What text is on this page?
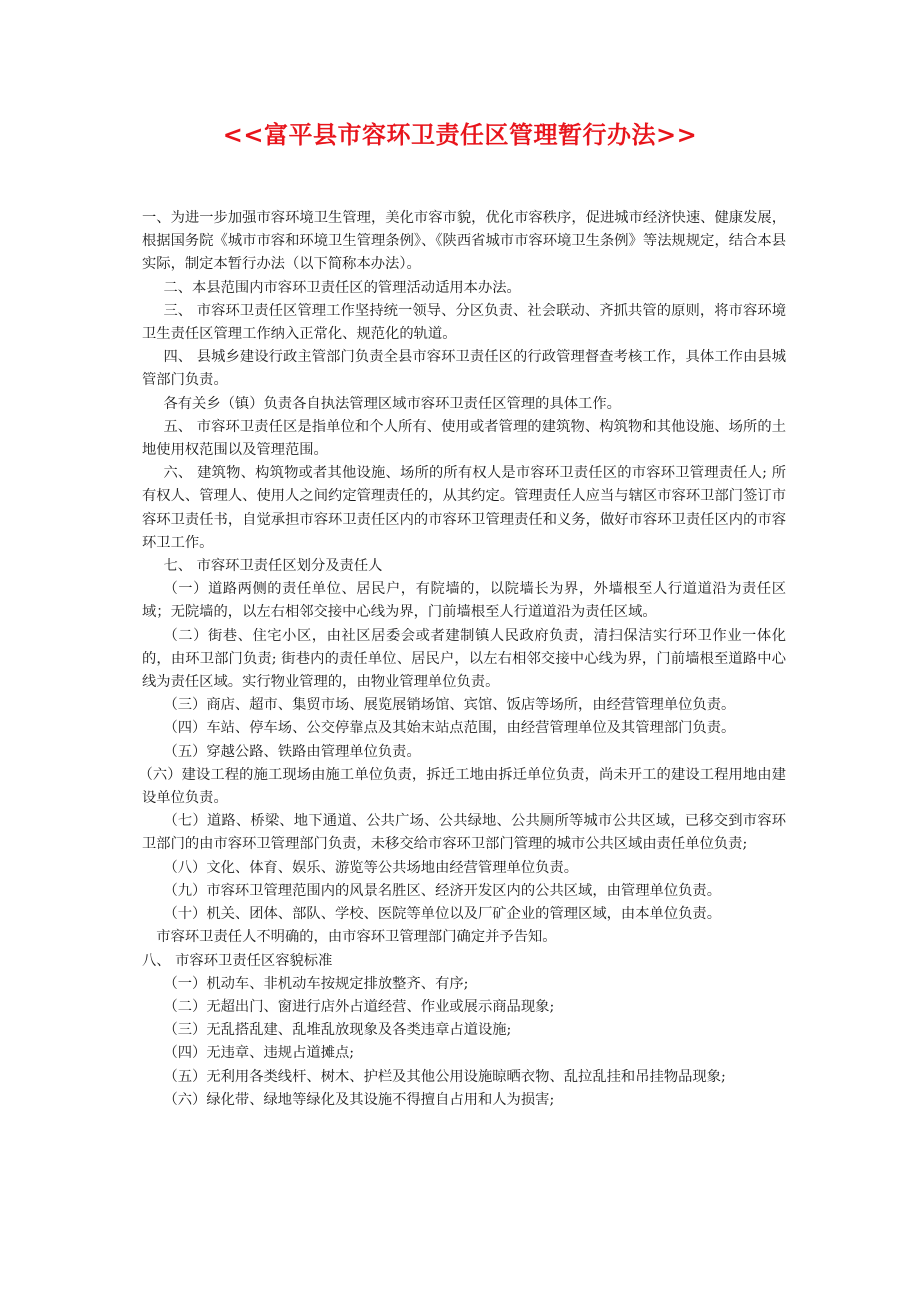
<<富平县市容环卫责任区管理暂行办法>>

一、为进一步加强市容环境卫生管理，美化市容市貌，优化市容秩序，促进城市经济快速、健康发展，根据国务院《城市市容和环境卫生管理条例》、《陕西省城市市容环境卫生条例》等法规规定，结合本县实际，制定本暂行办法（以下简称本办法）。

二、本县范围内市容环卫责任区的管理活动适用本办法。

三、 市容环卫责任区管理工作坚持统一领导、分区负责、社会联动、齐抓共管的原则，将市容环境卫生责任区管理工作纳入正常化、规范化的轨道。

四、 县城乡建设行政主管部门负责全县市容环卫责任区的行政管理督查考核工作，具体工作由县城管部门负责。

各有关乡（镇）负责各自执法管理区域市容环卫责任区管理的具体工作。

五、 市容环卫责任区是指单位和个人所有、使用或者管理的建筑物、构筑物和其他设施、场所的土地使用权范围以及管理范围。

六、 建筑物、构筑物或者其他设施、场所的所有权人是市容环卫责任区的市容环卫管理责任人; 所有权人、管理人、使用人之间约定管理责任的，从其约定。管理责任人应当与辖区市容环卫部门签订市容环卫责任书，自觉承担市容环卫责任区内的市容环卫管理责任和义务，做好市容环卫责任区内的市容环卫工作。

七、 市容环卫责任区划分及责任人

（一）道路两侧的责任单位、居民户，有院墙的，以院墙长为界，外墙根至人行道道沿为责任区域；无院墙的，以左右相邻交接中心线为界，门前墙根至人行道道沿为责任区域。

（二）街巷、住宅小区，由社区居委会或者建制镇人民政府负责，清扫保洁实行环卫作业一体化的，由环卫部门负责; 街巷内的责任单位、居民户，以左右相邻交接中心线为界，门前墙根至道路中心线为责任区域。实行物业管理的，由物业管理单位负责。

（三）商店、超市、集贸市场、展览展销场馆、宾馆、饭店等场所，由经营管理单位负责。

（四）车站、停车场、公交停靠点及其始末站点范围，由经营管理单位及其管理部门负责。

（五）穿越公路、铁路由管理单位负责。

（六）建设工程的施工现场由施工单位负责，拆迁工地由拆迁单位负责，尚未开工的建设工程用地由建设单位负责。

（七）道路、桥梁、地下通道、公共广场、公共绿地、公共厕所等城市公共区域，已移交到市容环卫部门的由市容环卫管理部门负责，未移交给市容环卫部门管理的城市公共区域由责任单位负责;

（八）文化、体育、娱乐、游览等公共场地由经营管理单位负责。

（九）市容环卫管理范围内的风景名胜区、经济开发区内的公共区域，由管理单位负责。

（十）机关、团体、部队、学校、医院等单位以及厂矿企业的管理区域，由本单位负责。

市容环卫责任人不明确的，由市容环卫管理部门确定并予告知。

八、 市容环卫责任区容貌标准

（一）机动车、非机动车按规定排放整齐、有序;

（二）无超出门、窗进行店外占道经营、作业或展示商品现象;

（三）无乱搭乱建、乱堆乱放现象及各类违章占道设施;

（四）无违章、违规占道摊点;

（五）无利用各类线杆、树木、护栏及其他公用设施晾晒衣物、乱拉乱挂和吊挂物品现象;

（六）绿化带、绿地等绿化及其设施不得擅自占用和人为损害;
